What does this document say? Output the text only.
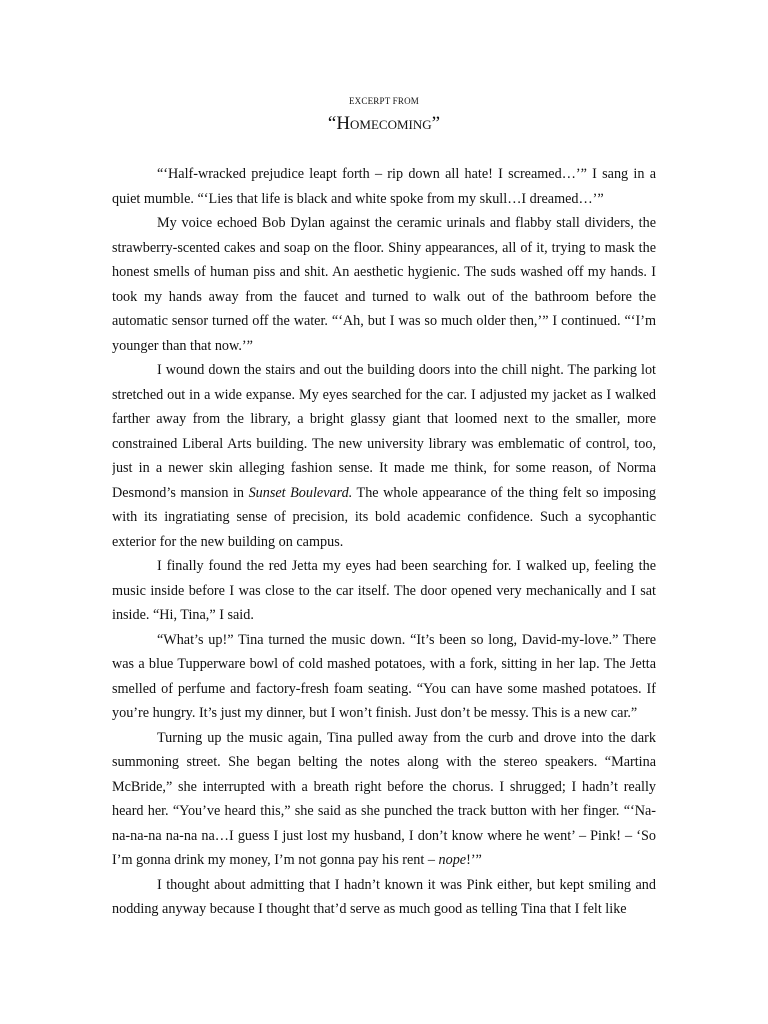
EXCERPT FROM
“Homecoming”

“‘Half-wracked prejudice leapt forth – rip down all hate! I screamed…’” I sang in a quiet mumble. “‘Lies that life is black and white spoke from my skull…I dreamed…’”

My voice echoed Bob Dylan against the ceramic urinals and flabby stall dividers, the strawberry-scented cakes and soap on the floor. Shiny appearances, all of it, trying to mask the honest smells of human piss and shit. An aesthetic hygienic. The suds washed off my hands. I took my hands away from the faucet and turned to walk out of the bathroom before the automatic sensor turned off the water. “‘Ah, but I was so much older then,’” I continued. “‘I’m younger than that now.’”

I wound down the stairs and out the building doors into the chill night. The parking lot stretched out in a wide expanse. My eyes searched for the car. I adjusted my jacket as I walked farther away from the library, a bright glassy giant that loomed next to the smaller, more constrained Liberal Arts building. The new university library was emblematic of control, too, just in a newer skin alleging fashion sense. It made me think, for some reason, of Norma Desmond’s mansion in Sunset Boulevard. The whole appearance of the thing felt so imposing with its ingratiating sense of precision, its bold academic confidence. Such a sycophantic exterior for the new building on campus.

I finally found the red Jetta my eyes had been searching for. I walked up, feeling the music inside before I was close to the car itself. The door opened very mechanically and I sat inside. “Hi, Tina,” I said.

“What’s up!” Tina turned the music down. “It’s been so long, David-my-love.” There was a blue Tupperware bowl of cold mashed potatoes, with a fork, sitting in her lap. The Jetta smelled of perfume and factory-fresh foam seating. “You can have some mashed potatoes. If you’re hungry. It’s just my dinner, but I won’t finish. Just don’t be messy. This is a new car.”

Turning up the music again, Tina pulled away from the curb and drove into the dark summoning street. She began belting the notes along with the stereo speakers. “Martina McBride,” she interrupted with a breath right before the chorus. I shrugged; I hadn’t really heard her. “You’ve heard this,” she said as she punched the track button with her finger. “‘Na-na-na-na na-na na…I guess I just lost my husband, I don’t know where he went’ – Pink! – ‘So I’m gonna drink my money, I’m not gonna pay his rent – nope!’”

I thought about admitting that I hadn’t known it was Pink either, but kept smiling and nodding anyway because I thought that’d serve as much good as telling Tina that I felt like
